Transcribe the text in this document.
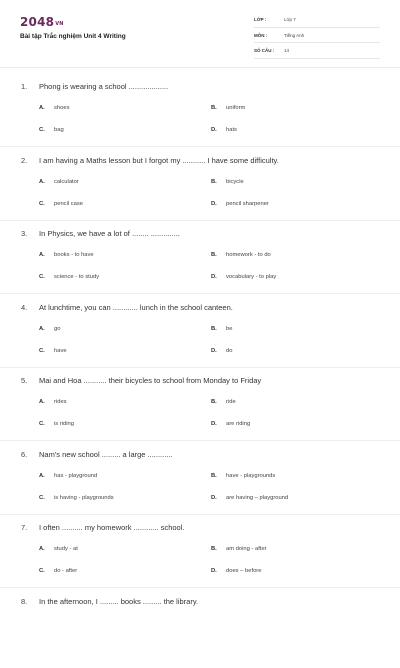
2048VN
Bài tập Trắc nghiệm Unit 4 Writing
LỚP :	Lớp 7
MÔN :	Tiếng Anh
SỐ CÂU : 14
1. Phong is wearing a school ...................
A. shoes	B. uniform
C. bag	D. hats
2. I am having a Maths lesson but I forgot my ........... I have some difficulty.
A. calculator	B. bicycle
C. pencil case	D. pencil sharpener
3. In Physics, we have a lot of ........ ..............
A. books - to have	B. homework - to do
C. science - to study	D. vocabulary - to play
4. At lunchtime, you can ............ lunch in the school canteen.
A. go	B. be
C. have	D. do
5. Mai and Hoa ........... their bicycles to school from Monday to Friday
A. rides	B. ride
C. is riding	D. are riding
6. Nam's new school ......... a large ............
A. has - playground	B. have - playgrounds
C. is having - playgrounds	D. are having – playground
7. I often .......... my homework ............ school.
A. study - at	B. am doing - after
C. do - after	D. does – before
8. In the afternoon, I ......... books ......... the library.
